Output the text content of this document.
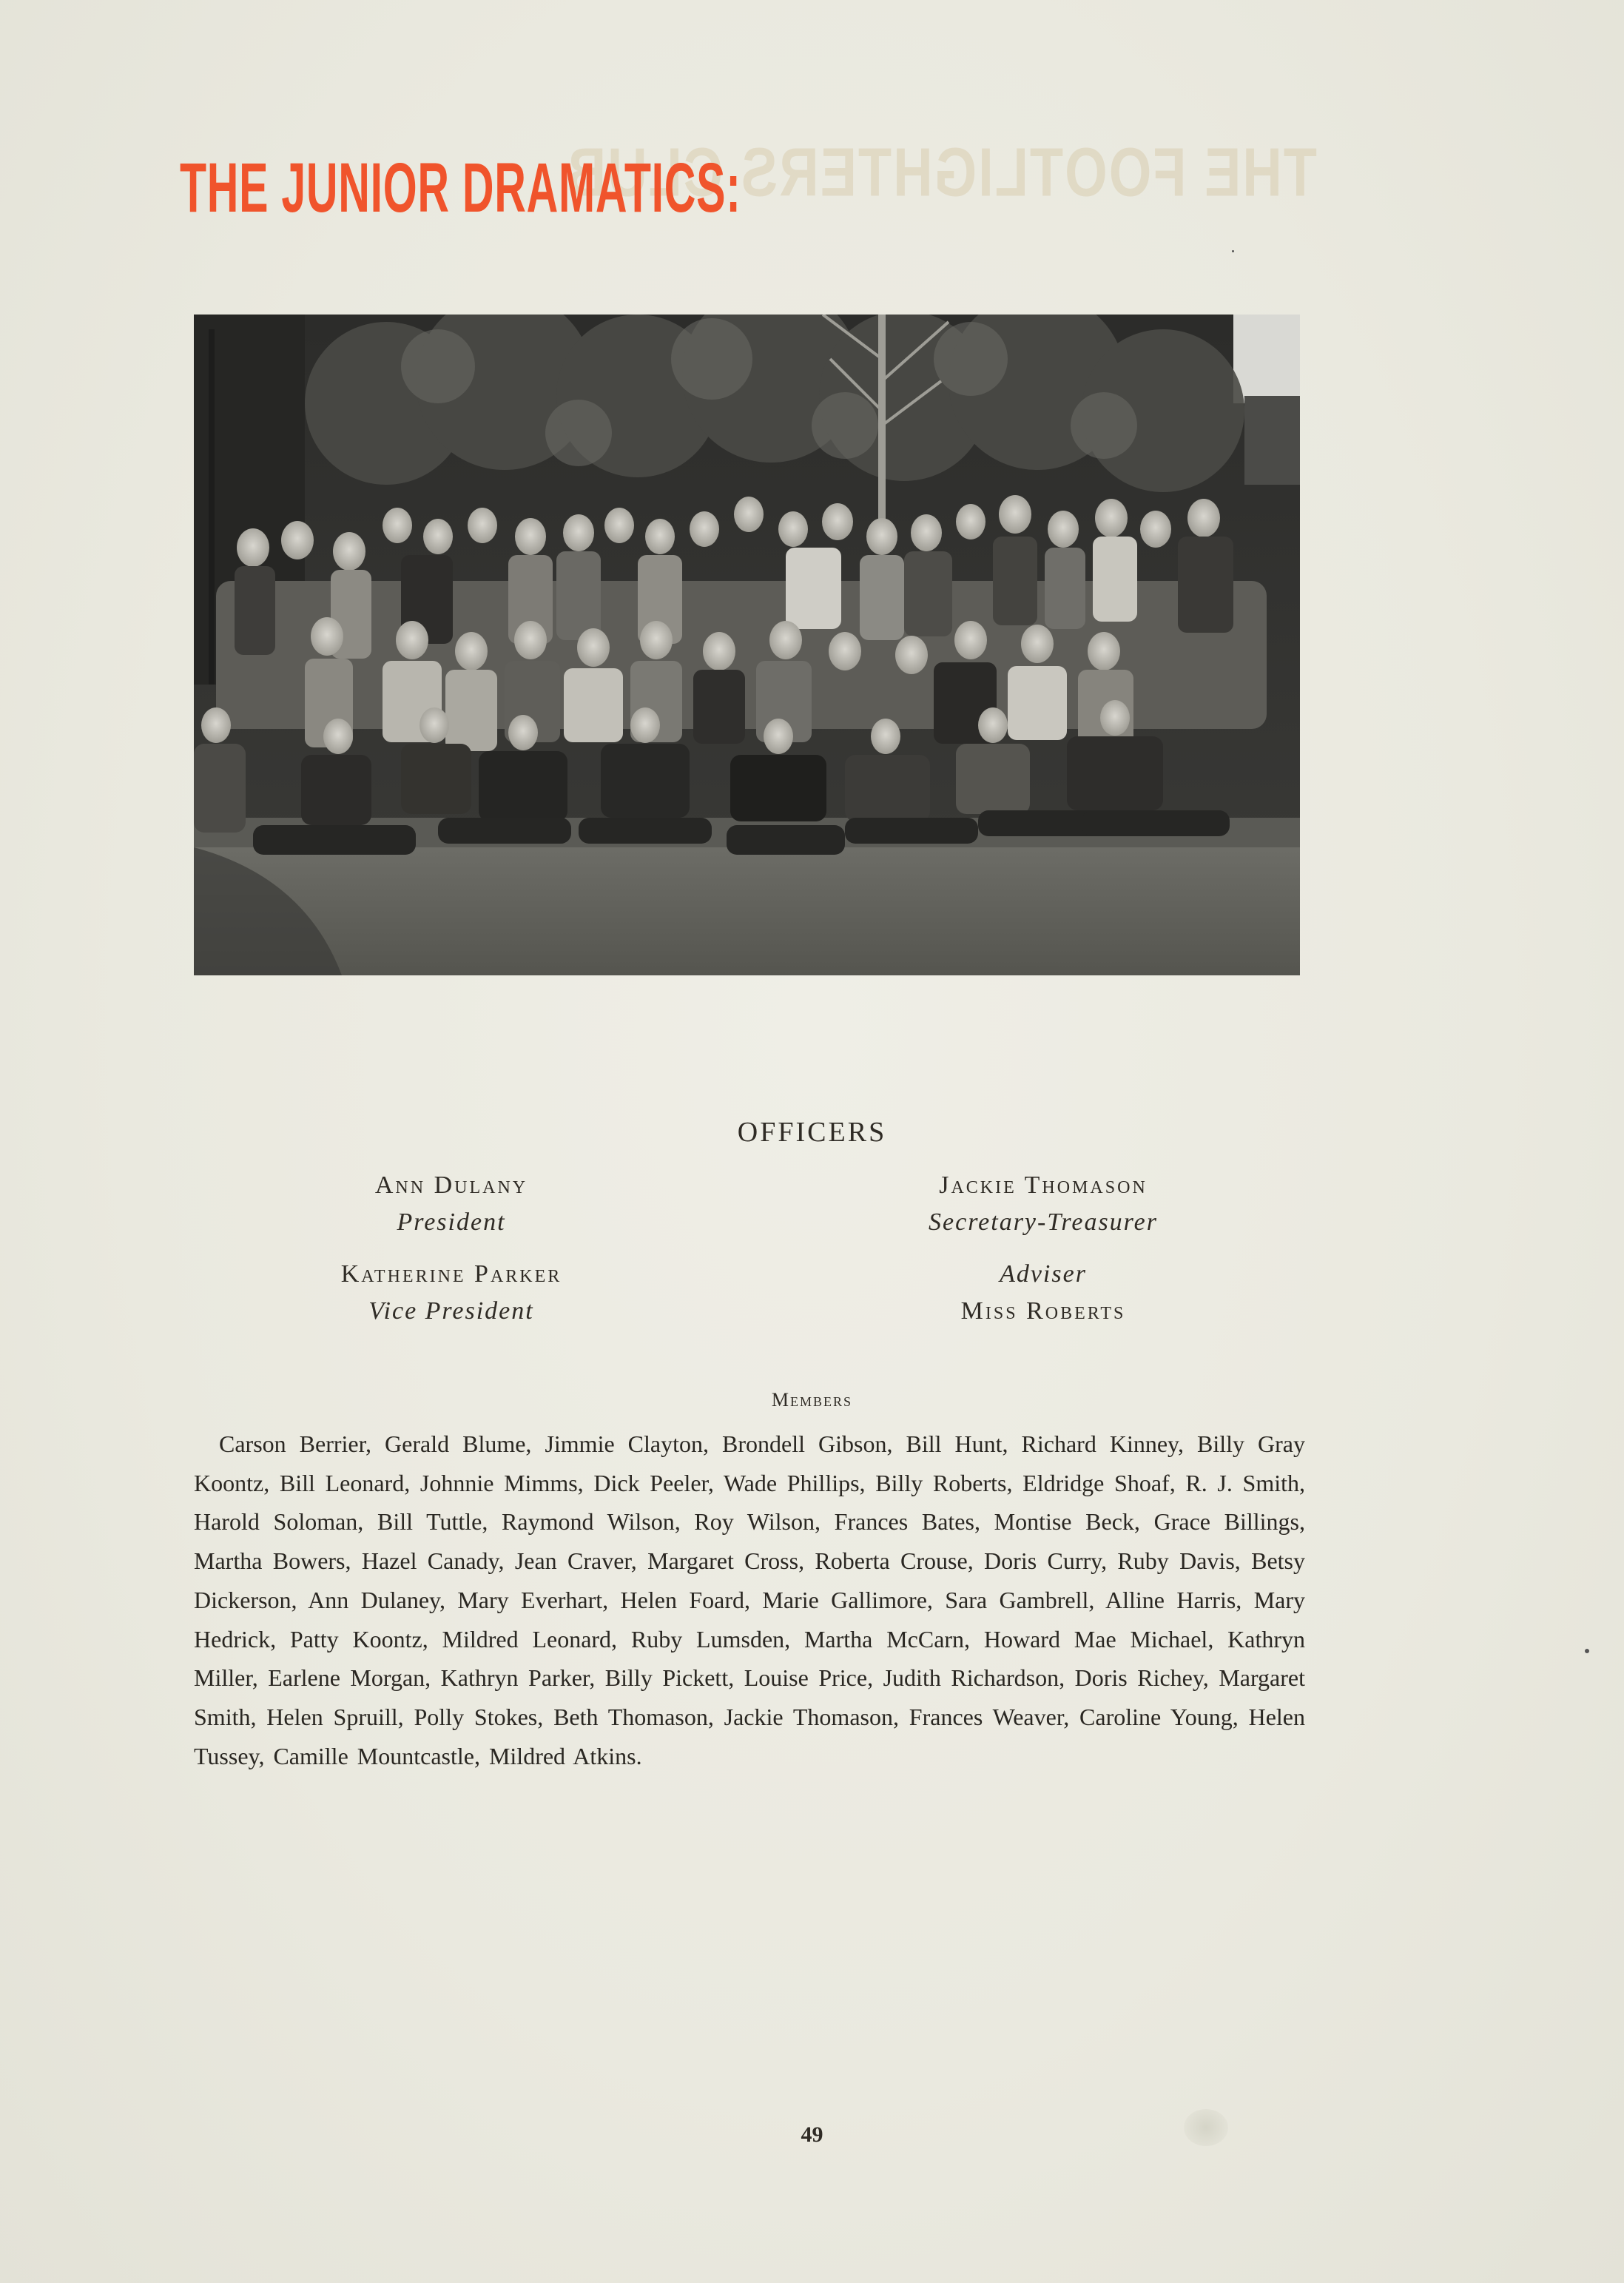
THE FOOTLIGHTERS CLUB
THE JUNIOR DRAMATICS:
OFFICERS
Ann Dulany
President
Katherine Parker
Vice President
Jackie Thomason
Secretary-Treasurer
Adviser
Miss Roberts
Members
Carson Berrier, Gerald Blume, Jimmie Clayton, Brondell Gibson, Bill Hunt, Richard Kinney, Billy Gray Koontz, Bill Leonard, Johnnie Mimms, Dick Peeler, Wade Phillips, Billy Roberts, Eldridge Shoaf, R. J. Smith, Harold Soloman, Bill Tuttle, Raymond Wilson, Roy Wilson, Frances Bates, Montise Beck, Grace Billings, Martha Bowers, Hazel Canady, Jean Craver, Margaret Cross, Roberta Crouse, Doris Curry, Ruby Davis, Betsy Dickerson, Ann Dulaney, Mary Everhart, Helen Foard, Marie Gallimore, Sara Gambrell, Alline Harris, Mary Hedrick, Patty Koontz, Mildred Leonard, Ruby Lumsden, Martha McCarn, Howard Mae Michael, Kathryn Miller, Earlene Morgan, Kathryn Parker, Billy Pickett, Louise Price, Judith Richardson, Doris Richey, Margaret Smith, Helen Spruill, Polly Stokes, Beth Thomason, Jackie Thomason, Frances Weaver, Caroline Young, Helen Tussey, Camille Mountcastle, Mildred Atkins.
49
